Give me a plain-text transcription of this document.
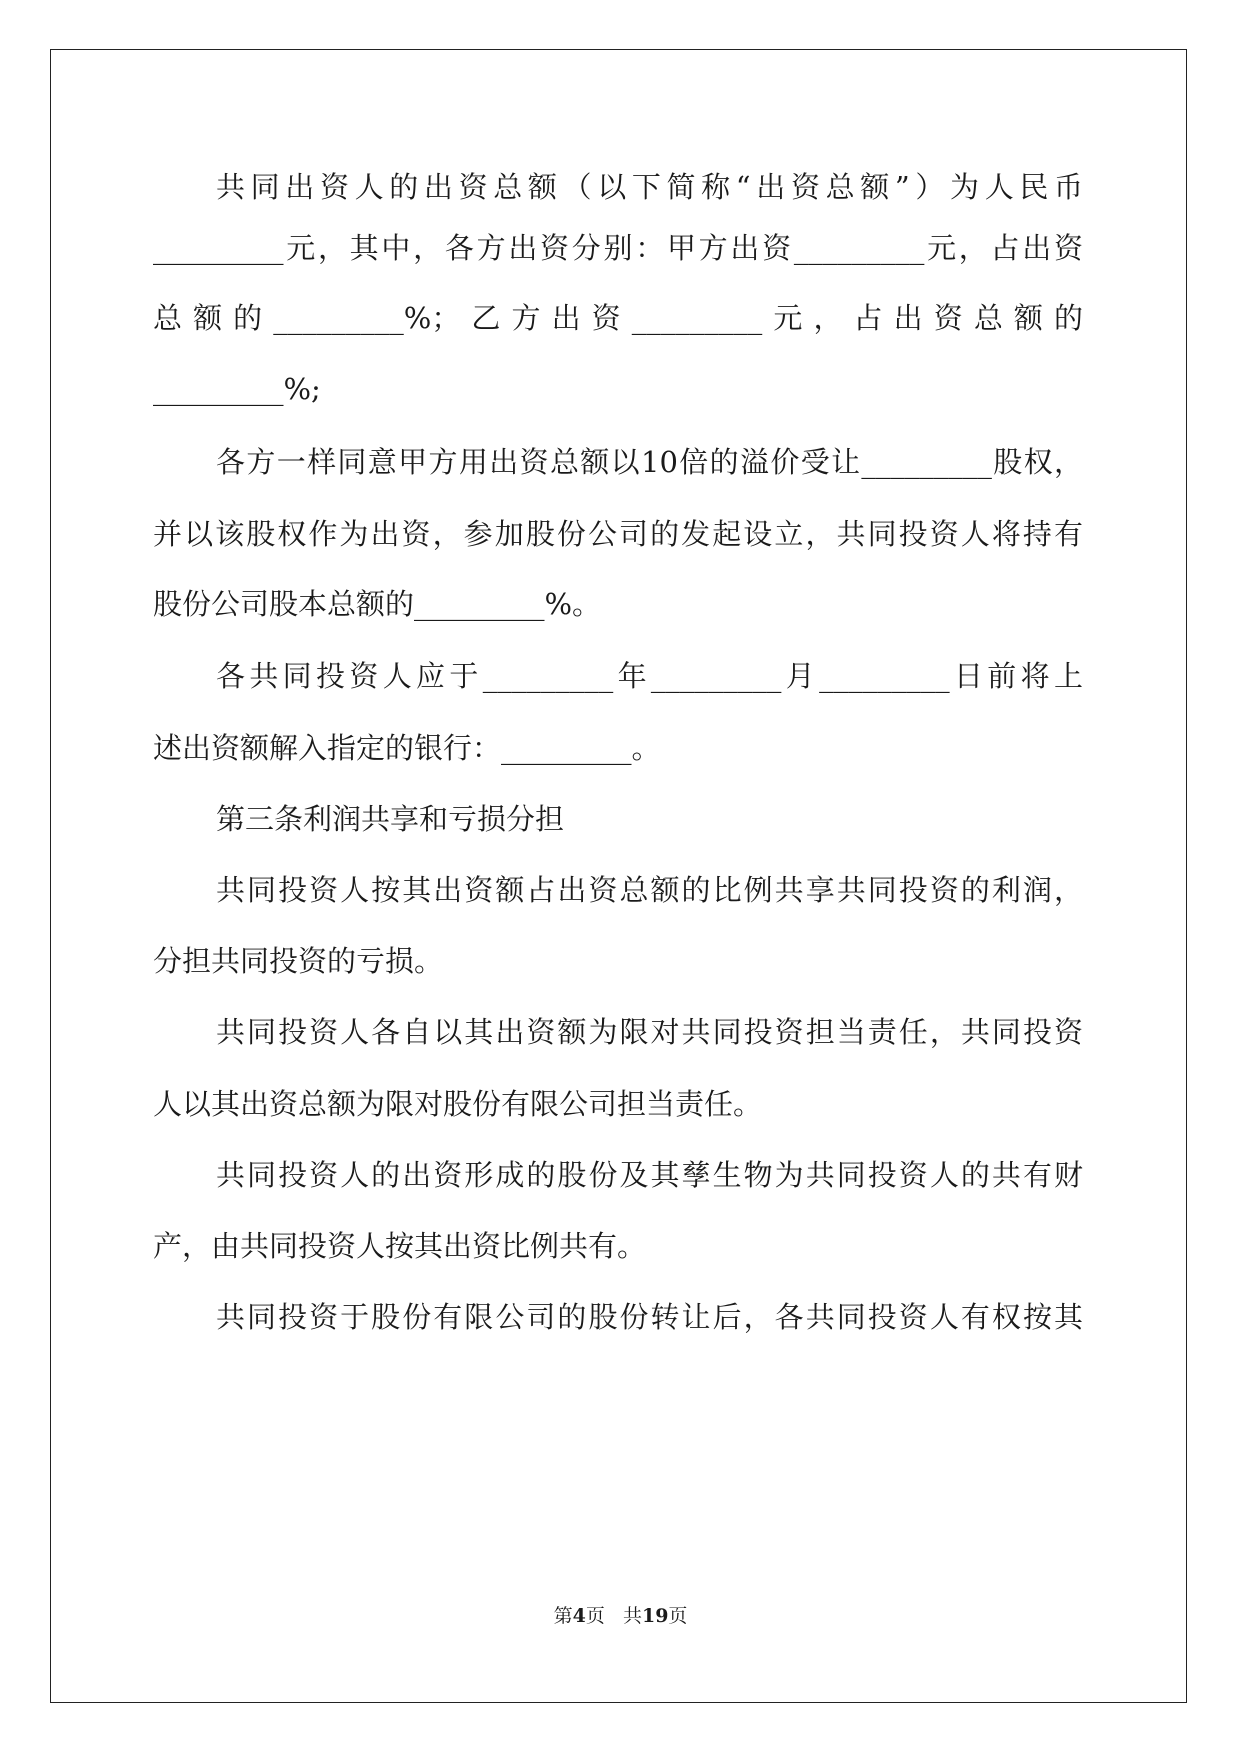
共同出资人的出资总额（以下简称“出资总额”）为人民币
_________元，其中，各方出资分别：甲方出资_________元，占出资
总额的_________%；乙方出资_________元，占出资总额的
_________%;
各方一样同意甲方用出资总额以10倍的溢价受让_________股权，
并以该股权作为出资，参加股份公司的发起设立，共同投资人将持有
股份公司股本总额的_________%。
各共同投资人应于_________年_________月_________日前将上
述出资额解入指定的银行：_________。
第三条利润共享和亏损分担
共同投资人按其出资额占出资总额的比例共享共同投资的利润，
分担共同投资的亏损。
共同投资人各自以其出资额为限对共同投资担当责任，共同投资
人以其出资总额为限对股份有限公司担当责任。
共同投资人的出资形成的股份及其孳生物为共同投资人的共有财
产，由共同投资人按其出资比例共有。
共同投资于股份有限公司的股份转让后，各共同投资人有权按其
第4页 共19页
